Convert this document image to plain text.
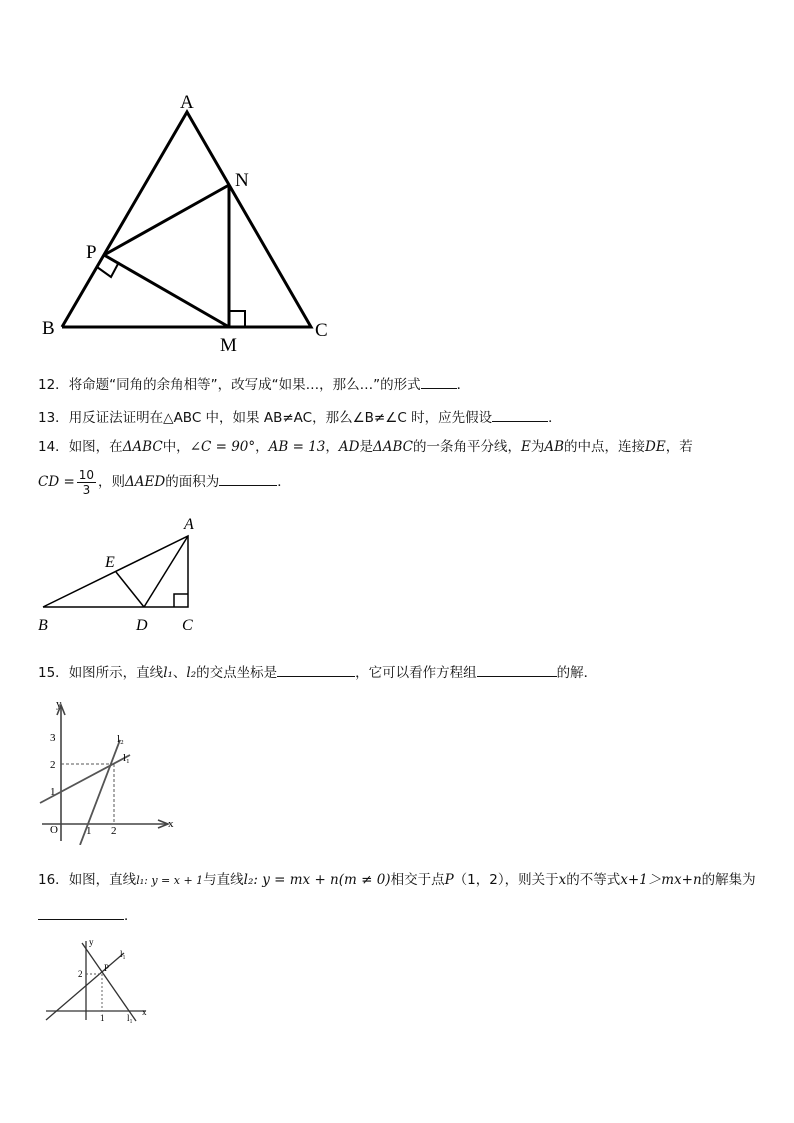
A
N
P
B
M
C
12．将命题“同角的余角相等”，改写成“如果…，那么…”的形式	．
13．用反证法证明在△ABC 中，如果 AB≠AC，那么∠B≠∠C 时，应先假设	．
14．如图，在ΔABC中，∠C = 90°，AB = 13，AD是ΔABC的一条角平分线，E为AB的中点，连接DE，若
CD = $\frac{10}{3}$ ，则ΔAED的面积为	．
A
E
B	D C
15．如图所示，直线l₁、l₂的交点坐标是	，它可以看作方程组	的解．
y
x
O
3
2
1
1 2
l₂
l₁
16．如图，直线l₁: y = x + 1与直线l₂: y = mx + n(m ≠ 0)相交于点P（1，2），则关于x的不等式x+1＞mx+n的解集为
．
y
x
2
P
1
l₁
l₁
